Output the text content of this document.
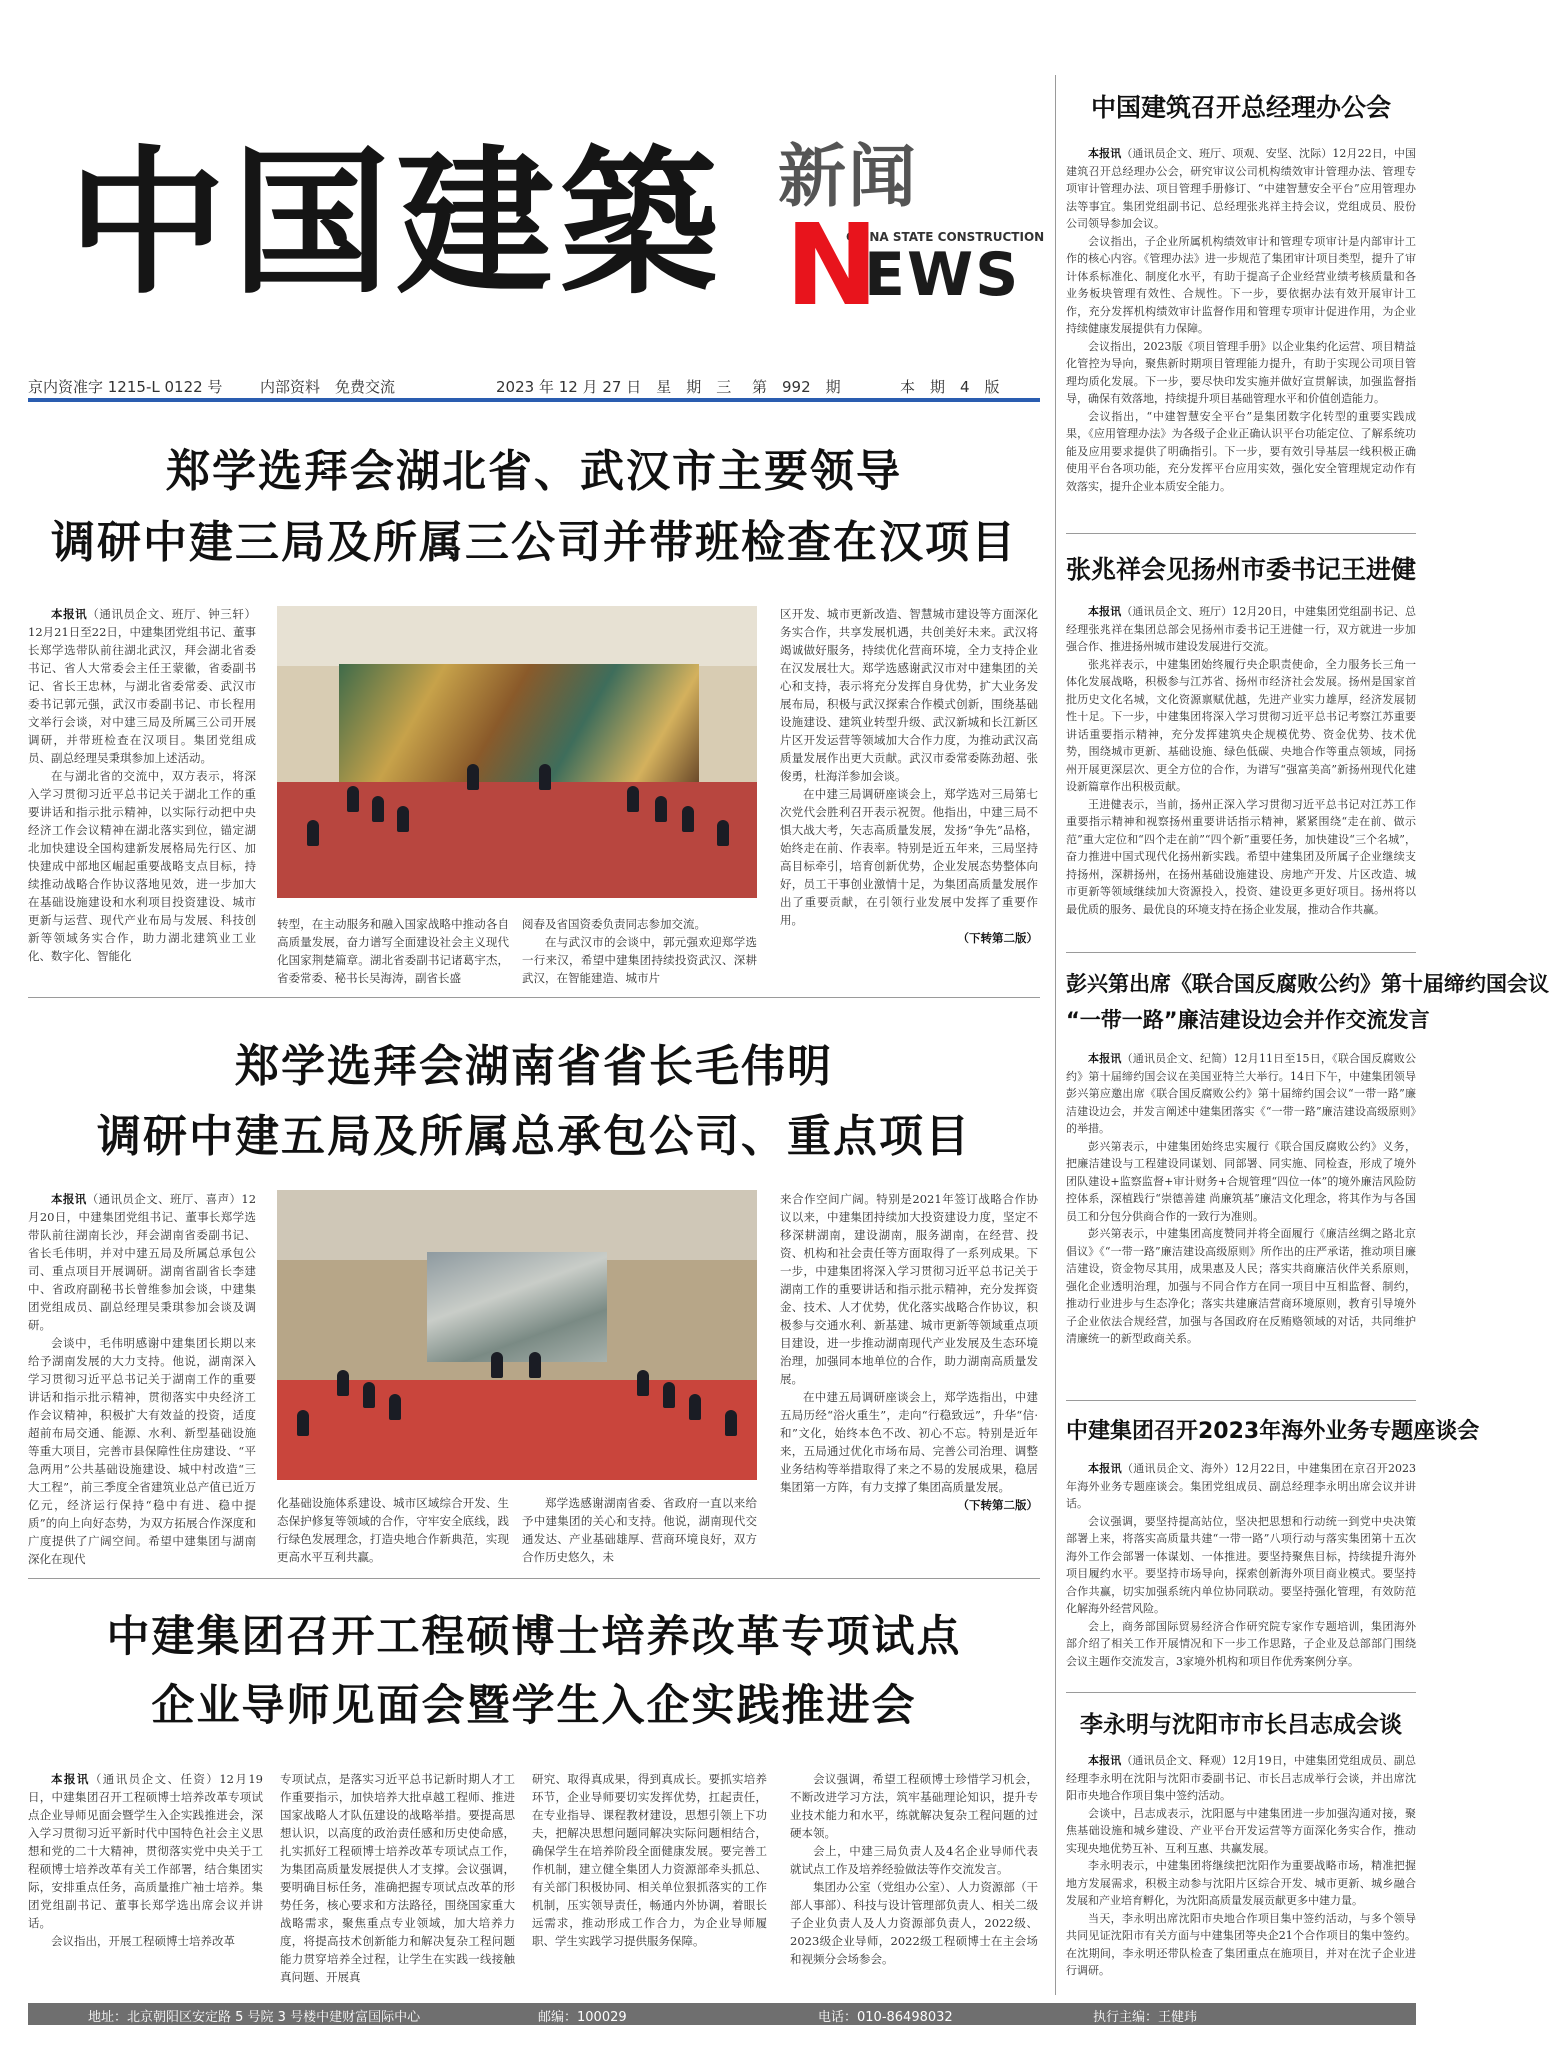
中国建築 新闻
CHINA STATE CONSTRUCTION
N
EWS
京内资准字 1215-L 0122 号	内部资料　免费交流	2023 年 12 月 27 日　星　期　三 第　992　期	本　期　4　版
郑学选拜会湖北省、武汉市主要领导
调研中建三局及所属三公司并带班检查在汉项目

本报讯（通讯员企文、班厅、钟三轩）12月21日至22日，中建集团党组书记、董事长郑学选带队前往湖北武汉，拜会湖北省委书记、省人大常委会主任王蒙徽，省委副书记、省长王忠林，与湖北省委常委、武汉市委书记郭元强，武汉市委副书记、市长程用文举行会谈，对中建三局及所属三公司开展调研，并带班检查在汉项目。集团党组成员、副总经理吴秉琪参加上述活动。

在与湖北省的交流中，双方表示，将深入学习贯彻习近平总书记关于湖北工作的重要讲话和指示批示精神，以实际行动把中央经济工作会议精神在湖北落实到位，锚定湖北加快建设全国构建新发展格局先行区、加快建成中部地区崛起重要战略支点目标，持续推动战略合作协议落地见效，进一步加大在基础设施建设和水利项目投资建设、城市更新与运营、现代产业布局与发展、科技创新等领域务实合作，助力湖北建筑业工业化、数字化、智能化

转型，在主动服务和融入国家战略中推动各自高质量发展，奋力谱写全面建设社会主义现代化国家荆楚篇章。湖北省委副书记诸葛宇杰，省委常委、秘书长吴海涛，副省长盛

阅春及省国资委负责同志参加交流。

在与武汉市的会谈中，郭元强欢迎郑学选一行来汉，希望中建集团持续投资武汉、深耕武汉，在智能建造、城市片

区开发、城市更新改造、智慧城市建设等方面深化务实合作，共享发展机遇，共创美好未来。武汉将竭诚做好服务，持续优化营商环境，全力支持企业在汉发展壮大。郑学选感谢武汉市对中建集团的关心和支持，表示将充分发挥自身优势，扩大业务发展布局，积极与武汉探索合作模式创新，围绕基础设施建设、建筑业转型升级、武汉新城和长江新区片区开发运营等领域加大合作力度，为推动武汉高质量发展作出更大贡献。武汉市委常委陈劲超、张俊勇，杜海洋参加会谈。

在中建三局调研座谈会上，郑学选对三局第七次党代会胜利召开表示祝贺。他指出，中建三局不惧大战大考，矢志高质量发展，发扬“争先”品格，始终走在前、作表率。特别是近五年来，三局坚持高目标牵引，培育创新优势，企业发展态势整体向好，员工干事创业激情十足，为集团高质量发展作出了重要贡献，在引领行业发展中发挥了重要作用。

（下转第二版）
郑学选拜会湖南省省长毛伟明
调研中建五局及所属总承包公司、重点项目

本报讯（通讯员企文、班厅、喜声）12月20日，中建集团党组书记、董事长郑学选带队前往湖南长沙，拜会湖南省委副书记、省长毛伟明，并对中建五局及所属总承包公司、重点项目开展调研。湖南省副省长李建中、省政府副秘书长曾维参加会谈，中建集团党组成员、副总经理吴秉琪参加会谈及调研。

会谈中，毛伟明感谢中建集团长期以来给予湖南发展的大力支持。他说，湖南深入学习贯彻习近平总书记关于湖南工作的重要讲话和指示批示精神，贯彻落实中央经济工作会议精神，积极扩大有效益的投资，适度超前布局交通、能源、水利、新型基础设施等重大项目，完善市县保障性住房建设、“平急两用”公共基础设施建设、城中村改造“三大工程”，前三季度全省建筑业总产值已近万亿元，经济运行保持“稳中有进、稳中提质”的向上向好态势，为双方拓展合作深度和广度提供了广阔空间。希望中建集团与湖南深化在现代

化基础设施体系建设、城市区域综合开发、生态保护修复等领域的合作，守牢安全底线，践行绿色发展理念，打造央地合作新典范，实现更高水平互利共赢。

郑学选感谢湖南省委、省政府一直以来给予中建集团的关心和支持。他说，湖南现代交通发达、产业基础雄厚、营商环境良好，双方合作历史悠久，未

来合作空间广阔。特别是2021年签订战略合作协议以来，中建集团持续加大投资建设力度，坚定不移深耕湖南，建设湖南，服务湖南，在经营、投资、机构和社会责任等方面取得了一系列成果。下一步，中建集团将深入学习贯彻习近平总书记关于湖南工作的重要讲话和指示批示精神，充分发挥资金、技术、人才优势，优化落实战略合作协议，积极参与交通水利、新基建、城市更新等领域重点项目建设，进一步推动湖南现代产业发展及生态环境治理，加强同本地单位的合作，助力湖南高质量发展。

在中建五局调研座谈会上，郑学选指出，中建五局历经“浴火重生”，走向“行稳致远”，升华“信·和”文化，始终本色不改、初心不忘。特别是近年来，五局通过优化市场布局、完善公司治理、调整业务结构等举措取得了来之不易的发展成果，稳居集团第一方阵，有力支撑了集团高质量发展。

（下转第二版）
中建集团召开工程硕博士培养改革专项试点
企业导师见面会暨学生入企实践推进会

本报讯（通讯员企文、任资）12月19日，中建集团召开工程硕博士培养改革专项试点企业导师见面会暨学生入企实践推进会，深入学习贯彻习近平新时代中国特色社会主义思想和党的二十大精神，贯彻落实党中央关于工程硕博士培养改革有关工作部署，结合集团实际，安排重点任务，高质量推广袖士培养。集团党组副书记、董事长郑学选出席会议并讲话。

会议指出，开展工程硕博士培养改革

专项试点，是落实习近平总书记新时期人才工作重要指示，加快培养大批卓越工程师、推进国家战略人才队伍建设的战略举措。要提高思想认识，以高度的政治责任感和历史使命感，扎实抓好工程硕博士培养改革专项试点工作，为集团高质量发展提供人才支撑。会议强调，要明确目标任务，准确把握专项试点改革的形势任务，核心要求和方法路径，围绕国家重大战略需求，聚焦重点专业领域，加大培养力度，将提高技术创新能力和解决复杂工程问题能力贯穿培养全过程，让学生在实践一线接触真问题、开展真

研究、取得真成果，得到真成长。要抓实培养环节，企业导师要切实发挥优势，扛起责任，在专业指导、课程教材建设，思想引领上下功夫，把解决思想问题同解决实际问题相结合，确保学生在培养阶段全面健康发展。要完善工作机制，建立健全集团人力资源部牵头抓总、有关部门积极协同、相关单位狠抓落实的工作机制，压实领导责任，畅通内外协调，着眼长远需求，推动形成工作合力，为企业导师履职、学生实践学习提供服务保障。

会议强调，希望工程硕博士珍惜学习机会，不断改进学习方法，筑牢基础理论知识，提升专业技术能力和水平，练就解决复杂工程问题的过硬本领。

会上，中建三局负责人及4名企业导师代表就试点工作及培养经验做法等作交流发言。

集团办公室（党组办公室）、人力资源部（干部人事部）、科技与设计管理部负责人、相关二级子企业负责人及人力资源部负责人，2022级、2023级企业导师，2022级工程硕博士在主会场和视频分会场参会。

中国建筑召开总经理办公会

本报讯（通讯员企文、班厅、项观、安坚、沈际）12月22日，中国建筑召开总经理办公会，研究审议公司机构绩效审计管理办法、管理专项审计管理办法、项目管理手册修订、“中建智慧安全平台”应用管理办法等事宜。集团党组副书记、总经理张兆祥主持会议，党组成员、股份公司领导参加会议。

会议指出，子企业所属机构绩效审计和管理专项审计是内部审计工作的核心内容。《管理办法》进一步规范了集团审计项目类型，提升了审计体系标准化、制度化水平，有助于提高子企业经营业绩考核质量和各业务板块管理有效性、合规性。下一步，要依据办法有效开展审计工作，充分发挥机构绩效审计监督作用和管理专项审计促进作用，为企业持续健康发展提供有力保障。

会议指出，2023版《项目管理手册》以企业集约化运营、项目精益化管控为导向，聚焦新时期项目管理能力提升，有助于实现公司项目管理均质化发展。下一步，要尽快印发实施并做好宣贯解读，加强监督指导，确保有效落地，持续提升项目基础管理水平和价值创造能力。

会议指出，“中建智慧安全平台”是集团数字化转型的重要实践成果，《应用管理办法》为各级子企业正确认识平台功能定位、了解系统功能及应用要求提供了明确指引。下一步，要有效引导基层一线积极正确使用平台各项功能，充分发挥平台应用实效，强化安全管理规定动作有效落实，提升企业本质安全能力。

张兆祥会见扬州市委书记王进健

本报讯（通讯员企文、班厅）12月20日，中建集团党组副书记、总经理张兆祥在集团总部会见扬州市委书记王进健一行，双方就进一步加强合作、推进扬州城市建设发展进行交流。

张兆祥表示，中建集团始终履行央企职责使命，全力服务长三角一体化发展战略，积极参与江苏省、扬州市经济社会发展。扬州是国家首批历史文化名城，文化资源禀赋优越，先进产业实力雄厚，经济发展韧性十足。下一步，中建集团将深入学习贯彻习近平总书记考察江苏重要讲话重要指示精神，充分发挥建筑央企规模优势、资金优势、技术优势，围绕城市更新、基础设施、绿色低碳、央地合作等重点领域，同扬州开展更深层次、更全方位的合作，为谱写“强富美高”新扬州现代化建设新篇章作出积极贡献。

王进健表示，当前，扬州正深入学习贯彻习近平总书记对江苏工作重要指示精神和视察扬州重要讲话指示精神，紧紧围绕“走在前、做示范”重大定位和“四个走在前”“四个新”重要任务，加快建设“三个名城”，奋力推进中国式现代化扬州新实践。希望中建集团及所属子企业继续支持扬州，深耕扬州，在扬州基础设施建设、房地产开发、片区改造、城市更新等领域继续加大资源投入，投资、建设更多更好项目。扬州将以最优质的服务、最优良的环境支持在扬企业发展，推动合作共赢。

彭兴第出席《联合国反腐败公约》第十届缔约国会议
“一带一路”廉洁建设边会并作交流发言

本报讯（通讯员企文、纪简）12月11日至15日，《联合国反腐败公约》第十届缔约国会议在美国亚特兰大举行。14日下午，中建集团领导彭兴第应邀出席《联合国反腐败公约》第十届缔约国会议“一带一路”廉洁建设边会，并发言阐述中建集团落实《“一带一路”廉洁建设高级原则》的举措。

彭兴第表示，中建集团始终忠实履行《联合国反腐败公约》义务，把廉洁建设与工程建设同谋划、同部署、同实施、同检查，形成了境外团队建设+监察监督+审计财务+合规管理“四位一体”的境外廉洁风险防控体系，深植践行“崇德善建 尚廉筑基”廉洁文化理念，将其作为与各国员工和分包分供商合作的一致行为准则。

彭兴第表示，中建集团高度赞同并将全面履行《廉洁丝绸之路北京倡议》《“一带一路”廉洁建设高级原则》所作出的庄严承诺，推动项目廉洁建设，资金物尽其用，成果惠及人民；落实共商廉洁伙伴关系原则，强化企业透明治理，加强与不同合作方在同一项目中互相监督、制约，推动行业进步与生态净化；落实共建廉洁营商环境原则，教育引导境外子企业依法合规经营，加强与各国政府在反贿赂领域的对话，共同维护清廉统一的新型政商关系。

中建集团召开2023年海外业务专题座谈会

本报讯（通讯员企文、海外）12月22日，中建集团在京召开2023年海外业务专题座谈会。集团党组成员、副总经理李永明出席会议并讲话。

会议强调，要坚持提高站位，坚决把思想和行动统一到党中央决策部署上来，将落实高质量共建“一带一路”八项行动与落实集团第十五次海外工作会部署一体谋划、一体推进。要坚持聚焦目标，持续提升海外项目履约水平。要坚持市场导向，探索创新海外项目商业模式。要坚持合作共赢，切实加强系统内单位协同联动。要坚持强化管理，有效防范化解海外经营风险。

会上，商务部国际贸易经济合作研究院专家作专题培训，集团海外部介绍了相关工作开展情况和下一步工作思路，子企业及总部部门围绕会议主题作交流发言，3家境外机构和项目作优秀案例分享。

李永明与沈阳市市长吕志成会谈

本报讯（通讯员企文、释观）12月19日，中建集团党组成员、副总经理李永明在沈阳与沈阳市委副书记、市长吕志成举行会谈，并出席沈阳市央地合作项目集中签约活动。

会谈中，吕志成表示，沈阳愿与中建集团进一步加强沟通对接，聚焦基础设施和城乡建设、产业平台开发运营等方面深化务实合作，推动实现央地优势互补、互利互惠、共赢发展。

李永明表示，中建集团将继续把沈阳作为重要战略市场，精准把握地方发展需求，积极主动参与沈阳片区综合开发、城市更新、城乡融合发展和产业培育孵化，为沈阳高质量发展贡献更多中建力量。

当天，李永明出席沈阳市央地合作项目集中签约活动，与多个领导共同见证沈阳市有关方面与中建集团等央企21个合作项目的集中签约。在沈期间，李永明还带队检查了集团重点在施项目，并对在沈子企业进行调研。

地址：北京朝阳区安定路 5 号院 3 号楼中建财富国际中心	邮编：100029	电话：010-86498032	执行主编：王健玮
